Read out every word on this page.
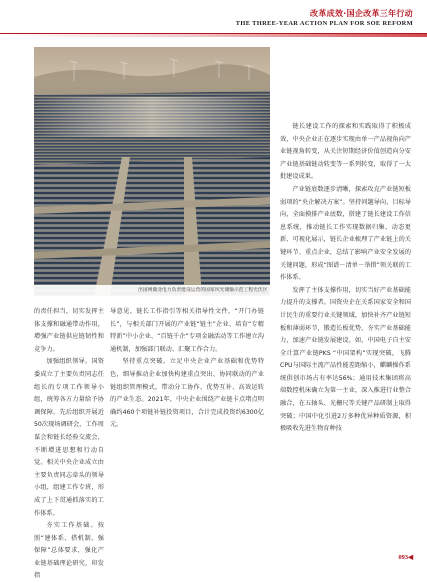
改革成效·国企改革三年行动
THE THREE-YEAR ACTION PLAN FOR SOE REFORM
出国网冀北电力负责建设运营的国家风光储输示范工程光伏区

的责任担当，切实发挥主体支撑和融通带动作用，增强产业链供应链韧性和竞争力。

加强组织领导。国资委成立了主要负责同志任组长的专项工作领导小组，统筹各方力量给予协调保障。先后组织开展近50次现场调研会，工作周谋会和链长经验交流会，不断增进思想和行动自觉。相关中央企业成立由主要负责同志牵头的领导小组，组建工作专班，形成了上下贯通抓落实的工作体系。

夯实工作基础。按照“建体系、搭机制、强保障”总体要求，强化产业链基础理论研究，印发指

导意见、链长工作指引等相关指导性文件，“开门办链长”，与相关部门开展的产业链“链主”企业、培育“专精特新”中小企业、“百链千企”专项金融活动等工作建立沟通机制，加强部门联动、汇聚工作合力。

坚持重点突破。立足中央企业产业基础和优势特色，细导推动企业加快构建重点突出、协同联动的产业链组织管理模式，带动分工协作、优势互补、高效运转的产业生态。2021年，中央企业围绕产业链卡点堵点明确约460个项链补链投资项目，合计完成投资约6300亿元。

链长建设工作的探索和实践取得了积极成效，中央企业正在逐步实现由单一产品视角向产业链视角转变，从关注短期经济价值创造向分安产业链基础链动转变等一系列转变，取得了一大批建设成果。

产业链底数逐步清晰，探索攻克产业链短板弱项的“央企解决方案”。坚持问题导向、目标导向，全面摸排产业底数，搭建了链长建设工作信息系统，推动链长工作实现数据归集、动态更新、可视化展示，链长企业梳理了产业链上的关键环节、重点企业，总结了影响产业安全发展的关键问题，形成“图谱－清单－举措”领关联的工作体系。

发挥了主体支撑作用，切实当好产业基础能力提升的支撑者。国资央企在关系国家安全和国计民生的重要行业关键领域，加快补齐产业链短板和薄弱环节，锻造长板优势，夯实产业基础能力，加速产业链发展建设。如，中国电子自主安全计算产业链PKS “中国架构”实现突破，飞腾CPU与国际主流产品性能差距缩小，麒麟操作系统供创市场占有率达56%；通用技术集团将高端数控机床确立为第一主业，深入推进行业整合融合，在五轴头、光栅尺等关键产品研制上取得突破；中国中化引进2万多种优异种质资源，积极吸收先进生物育种技

093◀
